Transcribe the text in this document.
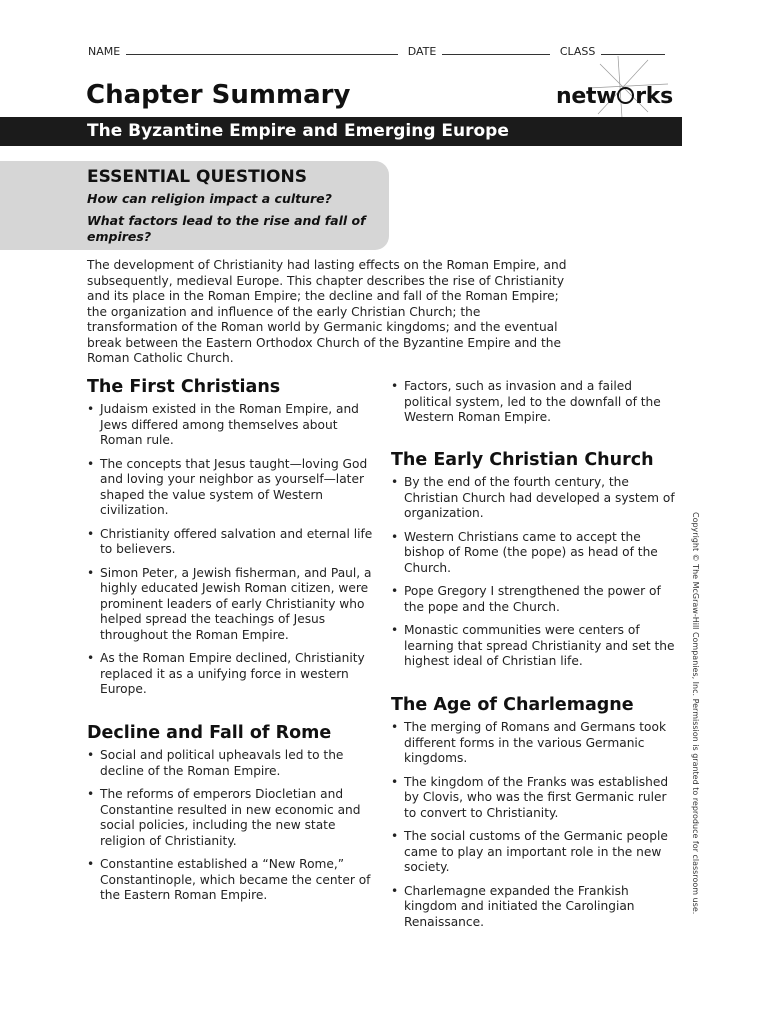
NAME	DATE	CLASS
Chapter Summary	netw rks
The Byzantine Empire and Emerging Europe
ESSENTIAL QUESTIONS

How can religion impact a culture?

What factors lead to the rise and fall of empires?

The development of Christianity had lasting effects on the Roman Empire, and subsequently, medieval Europe. This chapter describes the rise of Christianity and its place in the Roman Empire; the decline and fall of the Roman Empire; the organization and influence of the early Christian Church; the transformation of the Roman world by Germanic kingdoms; and the eventual break between the Eastern Orthodox Church of the Byzantine Empire and the Roman Catholic Church.

The First Christians
• Judaism existed in the Roman Empire, and Jews differed among themselves about Roman rule.
• The concepts that Jesus taught—loving God and loving your neighbor as yourself—later shaped the value system of Western civilization.
• Christianity offered salvation and eternal life to believers.
• Simon Peter, a Jewish fisherman, and Paul, a highly educated Jewish Roman citizen, were prominent leaders of early Christianity who helped spread the teachings of Jesus throughout the Roman Empire.
• As the Roman Empire declined, Christianity replaced it as a unifying force in western Europe.
Decline and Fall of Rome
• Social and political upheavals led to the decline of the Roman Empire.
• The reforms of emperors Diocletian and Constantine resulted in new economic and social policies, including the new state religion of Christianity.
• Constantine established a “New Rome,” Constantinople, which became the center of the Eastern Roman Empire.
• Factors, such as invasion and a failed political system, led to the downfall of the Western Roman Empire.
The Early Christian Church
• By the end of the fourth century, the Christian Church had developed a system of organization.
• Western Christians came to accept the bishop of Rome (the pope) as head of the Church.
• Pope Gregory I strengthened the power of the pope and the Church.
• Monastic communities were centers of learning that spread Christianity and set the highest ideal of Christian life.
The Age of Charlemagne
• The merging of Romans and Germans took different forms in the various Germanic kingdoms.
• The kingdom of the Franks was established by Clovis, who was the first Germanic ruler to convert to Christianity.
• The social customs of the Germanic people came to play an important role in the new society.
• Charlemagne expanded the Frankish kingdom and initiated the Carolingian Renaissance.
Copyright © The McGraw-Hill Companies, Inc. Permission is granted to reproduce for classroom use.
